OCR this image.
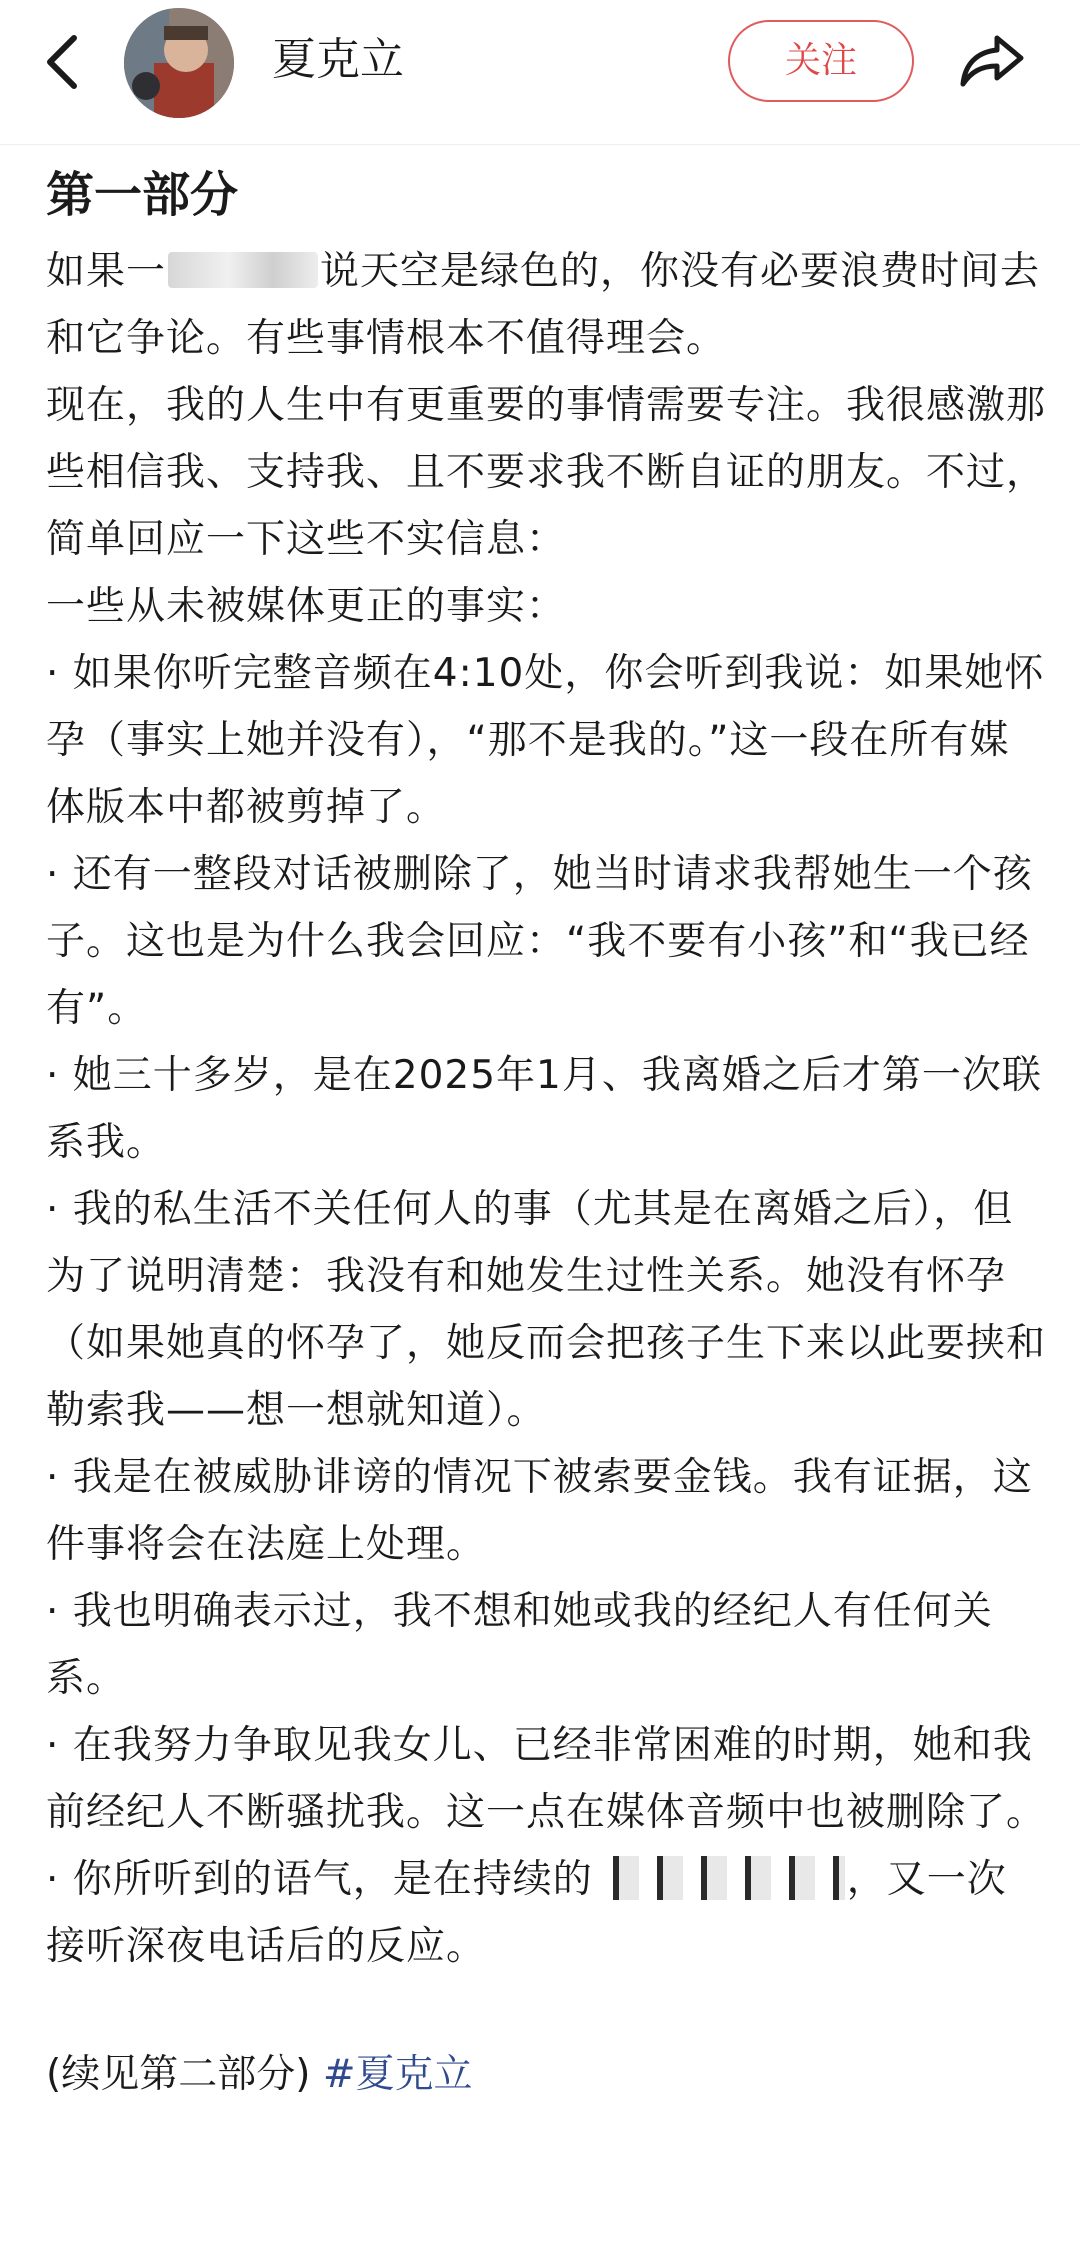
夏克立	关注
第一部分

如果一	说天空是绿色的，你没有必要浪费时间去和它争论。有些事情根本不值得理会。

现在，我的人生中有更重要的事情需要专注。我很感激那些相信我、支持我、且不要求我不断自证的朋友。不过，简单回应一下这些不实信息：

一些从未被媒体更正的事实：

· 如果你听完整音频在4:10处，你会听到我说：如果她怀孕（事实上她并没有），“那不是我的。”这一段在所有媒体版本中都被剪掉了。

· 还有一整段对话被删除了，她当时请求我帮她生一个孩子。这也是为什么我会回应：“我不要有小孩”和“我已经有”。

· 她三十多岁，是在2025年1月、我离婚之后才第一次联系我。

· 我的私生活不关任何人的事（尤其是在离婚之后），但为了说明清楚：我没有和她发生过性关系。她没有怀孕（如果她真的怀孕了，她反而会把孩子生下来以此要挟和勒索我——想一想就知道）。

· 我是在被威胁诽谤的情况下被索要金钱。我有证据，这件事将会在法庭上处理。

· 我也明确表示过，我不想和她或我的经纪人有任何关系。

· 在我努力争取见我女儿、已经非常困难的时期，她和我前经纪人不断骚扰我。这一点在媒体音频中也被删除了。

· 你所听到的语气，是在持续的	，又一次接听深夜电话后的反应。

(续见第二部分) #夏克立
